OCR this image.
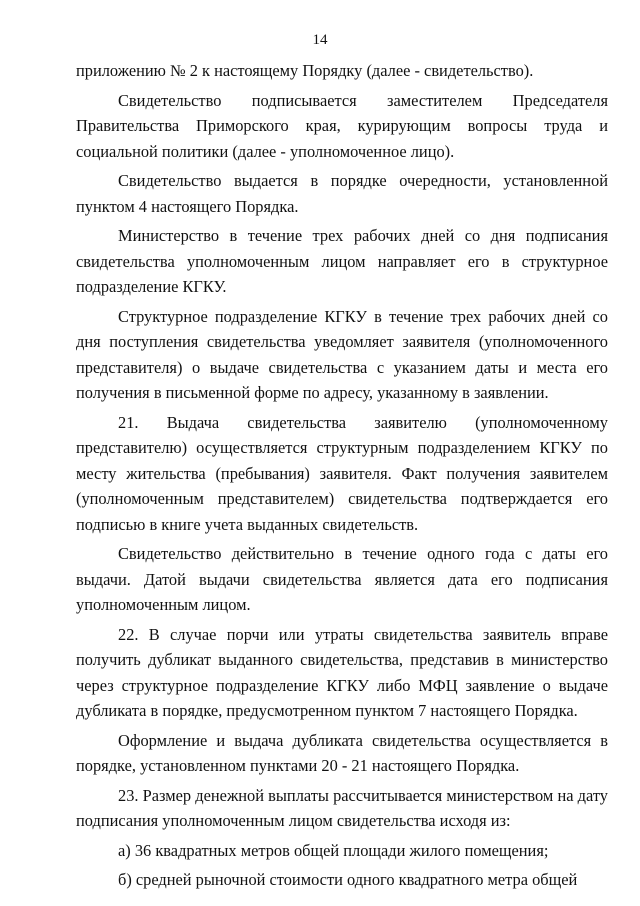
14

приложению № 2 к настоящему Порядку (далее - свидетельство).

Свидетельство подписывается заместителем Председателя Правительства Приморского края, курирующим вопросы труда и социальной политики (далее - уполномоченное лицо).

Свидетельство выдается в порядке очередности, установленной пунктом 4 настоящего Порядка.

Министерство в течение трех рабочих дней со дня подписания свидетельства уполномоченным лицом направляет его в структурное подразделение КГКУ.

Структурное подразделение КГКУ в течение трех рабочих дней со дня поступления свидетельства уведомляет заявителя (уполномоченного представителя) о выдаче свидетельства с указанием даты и места его получения в письменной форме по адресу, указанному в заявлении.

21. Выдача свидетельства заявителю (уполномоченному представителю) осуществляется структурным подразделением КГКУ по месту жительства (пребывания) заявителя. Факт получения заявителем (уполномоченным представителем) свидетельства подтверждается его подписью в книге учета выданных свидетельств.

Свидетельство действительно в течение одного года с даты его выдачи. Датой выдачи свидетельства является дата его подписания уполномоченным лицом.

22. В случае порчи или утраты свидетельства заявитель вправе получить дубликат выданного свидетельства, представив в министерство через структурное подразделение КГКУ либо МФЦ заявление о выдаче дубликата в порядке, предусмотренном пунктом 7 настоящего Порядка.

Оформление и выдача дубликата свидетельства осуществляется в порядке, установленном пунктами 20 - 21 настоящего Порядка.

23. Размер денежной выплаты рассчитывается министерством на дату подписания уполномоченным лицом свидетельства исходя из:

а) 36 квадратных метров общей площади жилого помещения;

б) средней рыночной стоимости одного квадратного метра общей
